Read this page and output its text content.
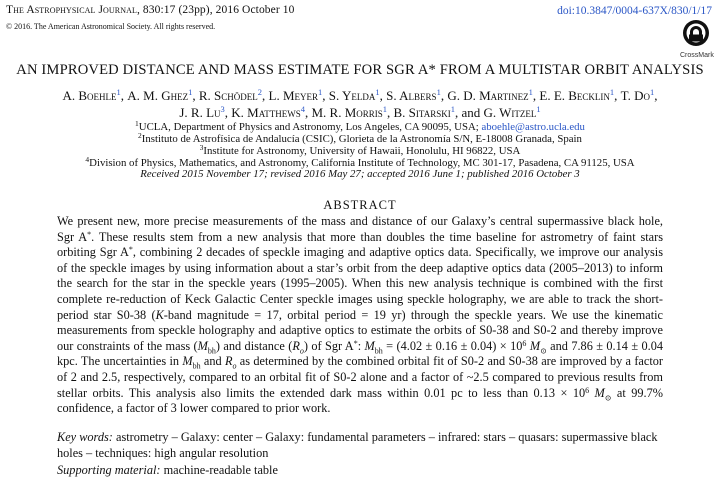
The Astrophysical Journal, 830:17 (23pp), 2016 October 10
© 2016. The American Astronomical Society. All rights reserved.
doi:10.3847/0004-637X/830/1/17
CrossMark
AN IMPROVED DISTANCE AND MASS ESTIMATE FOR SGR A* FROM A MULTISTAR ORBIT ANALYSIS
A. Boehle$^1$, A. M. Ghez$^1$, R. Schödel$^2$, L. Meyer$^1$, S. Yelda$^1$, S. Albers$^1$, G. D. Martinez$^1$, E. E. Becklin$^1$, T. Do$^1$,
J. R. Lu$^3$, K. Matthews$^4$, M. R. Morris$^1$, B. Sitarski$^1$, and G. Witzel$^1$
$^1$UCLA, Department of Physics and Astronomy, Los Angeles, CA 90095, USA; aboehle@astro.ucla.edu
$^2$Instituto de Astrofísica de Andalucía (CSIC), Glorieta de la Astronomía S/N, E-18008 Granada, Spain
$^3$Institute for Astronomy, University of Hawaii, Honolulu, HI 96822, USA
$^4$Division of Physics, Mathematics, and Astronomy, California Institute of Technology, MC 301-17, Pasadena, CA 91125, USA
Received 2015 November 17; revised 2016 May 27; accepted 2016 June 1; published 2016 October 3
ABSTRACT
We present new, more precise measurements of the mass and distance of our Galaxy’s central supermassive black hole, Sgr A*. These results stem from a new analysis that more than doubles the time baseline for astrometry of faint stars orbiting Sgr A*, combining 2 decades of speckle imaging and adaptive optics data. Specifically, we improve our analysis of the speckle images by using information about a star’s orbit from the deep adaptive optics data (2005–2013) to inform the search for the star in the speckle years (1995–2005). When this new analysis technique is combined with the first complete re-reduction of Keck Galactic Center speckle images using speckle holography, we are able to track the short-period star S0-38 (K-band magnitude = 17, orbital period = 19 yr) through the speckle years. We use the kinematic measurements from speckle holography and adaptive optics to estimate the orbits of S0-38 and S0-2 and thereby improve our constraints of the mass $(M_{bh})$ and distance $(R_o)$ of Sgr A*: $M_{bh} = (4.02 \pm 0.16 \pm 0.04) \times 10^6$ $M_⊙$ and 7.86 ± 0.14 ± 0.04 kpc. The uncertainties in $M_{bh}$ and $R_o$ as determined by the combined orbital fit of S0-2 and S0-38 are improved by a factor of 2 and 2.5, respectively, compared to an orbital fit of S0-2 alone and a factor of ~2.5 compared to previous results from stellar orbits. This analysis also limits the extended dark mass within 0.01 pc to less than $0.13 \times 10^6$ $M_⊙$ at 99.7% confidence, a factor of 3 lower compared to prior work.
Key words: astrometry – Galaxy: center – Galaxy: fundamental parameters – infrared: stars – quasars: supermassive black holes – techniques: high angular resolution
Supporting material: machine-readable table
